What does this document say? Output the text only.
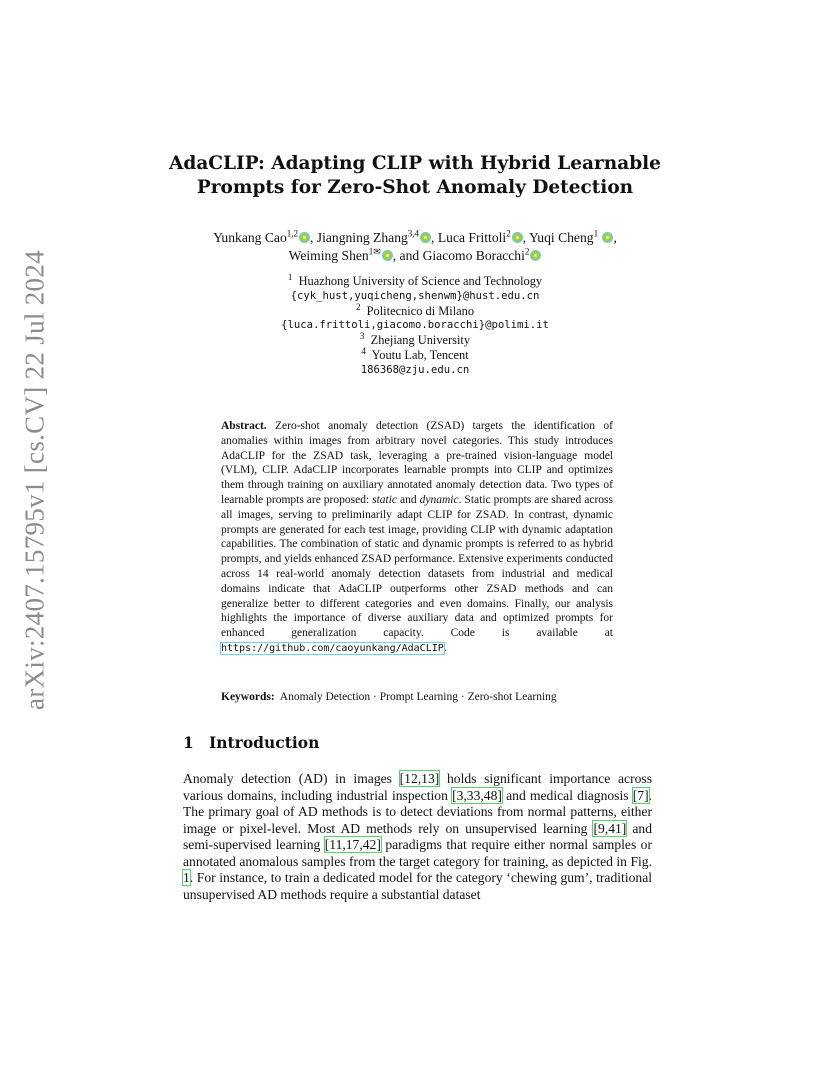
arXiv:2407.15795v1 [cs.CV] 22 Jul 2024
AdaCLIP: Adapting CLIP with Hybrid Learnable Prompts for Zero-Shot Anomaly Detection
Yunkang Cao$^{1,2}$ , Jiangning Zhang$^{3,4}$ , Luca Frittoli$^2$ , Yuqi Cheng$^1$ ,
Weiming Shen$^{1✉}$ , and Giacomo Boracchi$^2$
$^1$ Huazhong University of Science and Technology
{cyk_hust,yuqicheng,shenwm}@hust.edu.cn
$^2$ Politecnico di Milano
{luca.frittoli,giacomo.boracchi}@polimi.it
$^3$ Zhejiang University
$^4$ Youtu Lab, Tencent
186368@zju.edu.cn
Abstract. Zero-shot anomaly detection (ZSAD) targets the identification of anomalies within images from arbitrary novel categories. This study introduces AdaCLIP for the ZSAD task, leveraging a pre-trained vision-language model (VLM), CLIP. AdaCLIP incorporates learnable prompts into CLIP and optimizes them through training on auxiliary annotated anomaly detection data. Two types of learnable prompts are proposed: static and dynamic. Static prompts are shared across all images, serving to preliminarily adapt CLIP for ZSAD. In contrast, dynamic prompts are generated for each test image, providing CLIP with dynamic adaptation capabilities. The combination of static and dynamic prompts is referred to as hybrid prompts, and yields enhanced ZSAD performance. Extensive experiments conducted across 14 real-world anomaly detection datasets from industrial and medical domains indicate that AdaCLIP outperforms other ZSAD methods and can generalize better to different categories and even domains. Finally, our analysis highlights the importance of diverse auxiliary data and optimized prompts for enhanced generalization capacity. Code is available at https://github.com/caoyunkang/AdaCLIP.
Keywords: Anomaly Detection · Prompt Learning · Zero-shot Learning
1 Introduction
Anomaly detection (AD) in images [12,13] holds significant importance across various domains, including industrial inspection [3,33,48] and medical diagnosis [7]. The primary goal of AD methods is to detect deviations from normal patterns, either image or pixel-level. Most AD methods rely on unsupervised learning [9,41] and semi-supervised learning [11,17,42] paradigms that require either normal samples or annotated anomalous samples from the target category for training, as depicted in Fig. 1. For instance, to train a dedicated model for the category ‘chewing gum’, traditional unsupervised AD methods require a substantial dataset
